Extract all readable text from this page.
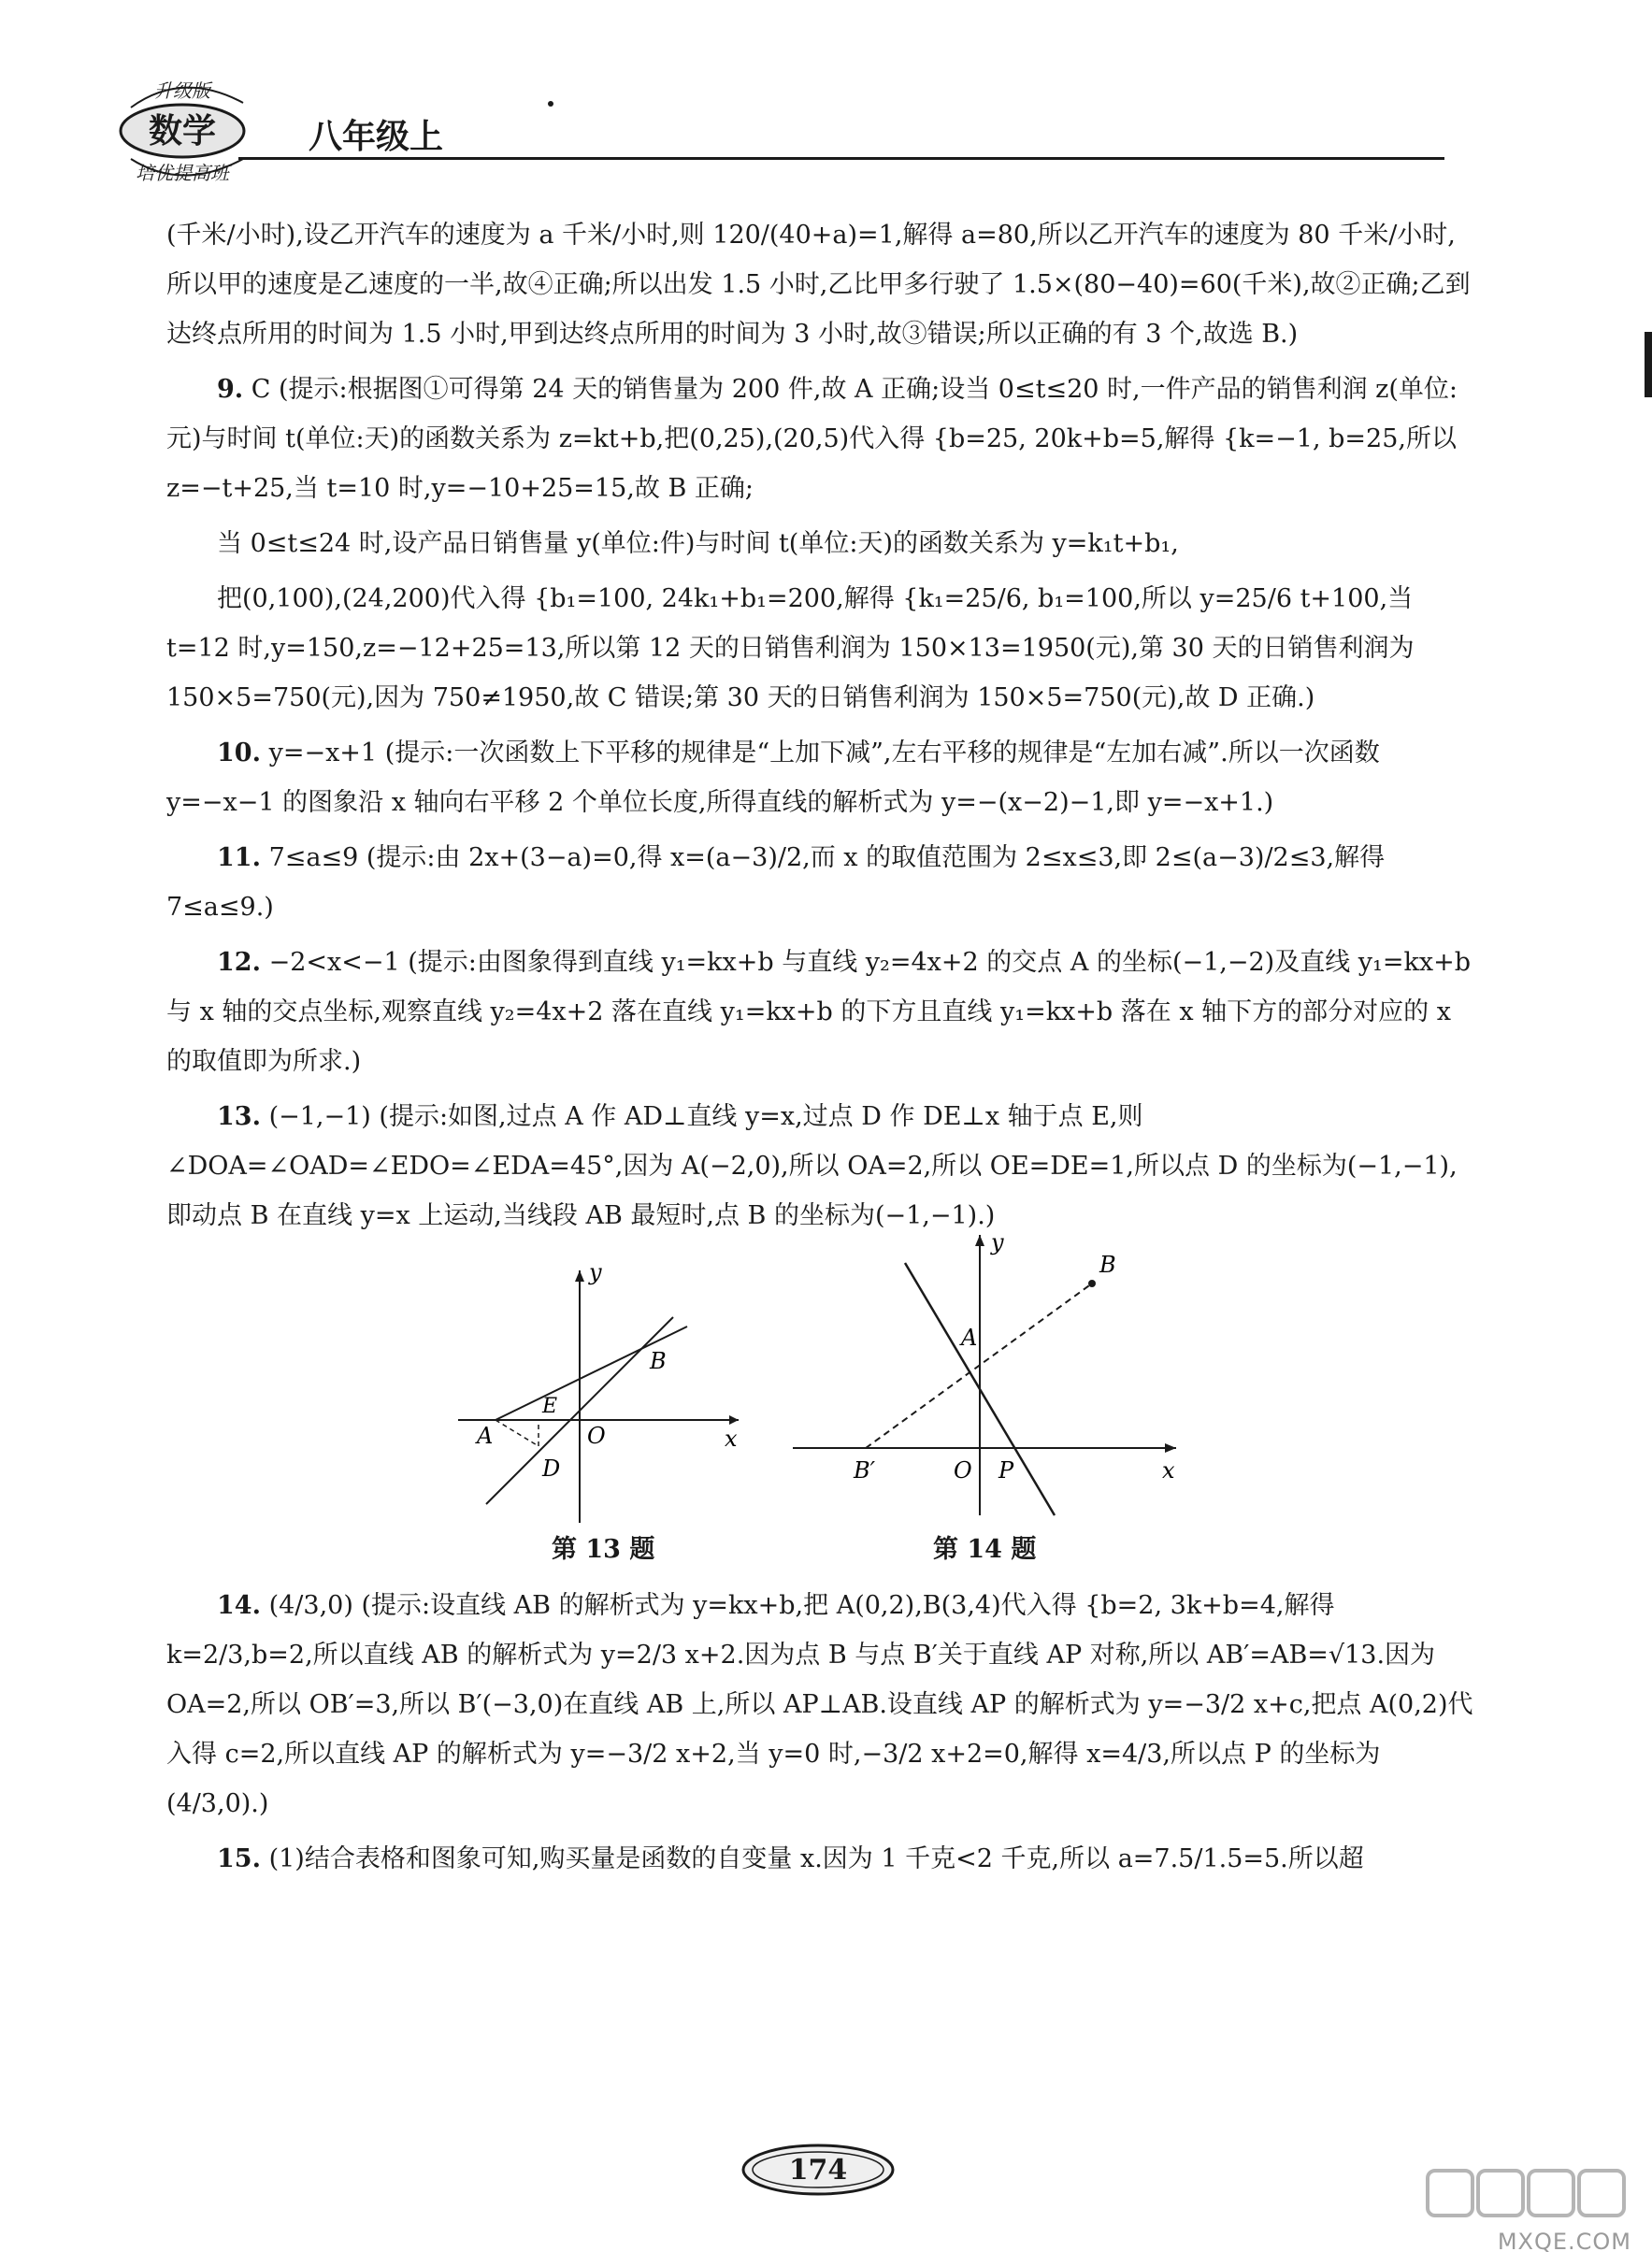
升级版
数学
培优提高班
八年级上

(千米/小时),设乙开汽车的速度为 a 千米/小时,则 120/(40+a)=1,解得 a=80,所以乙开汽车的速度为 80 千米/小时,所以甲的速度是乙速度的一半,故④正确;所以出发 1.5 小时,乙比甲多行驶了 1.5×(80−40)=60(千米),故②正确;乙到达终点所用的时间为 1.5 小时,甲到达终点所用的时间为 3 小时,故③错误;所以正确的有 3 个,故选 B.)

9. C (提示:根据图①可得第 24 天的销售量为 200 件,故 A 正确;设当 0≤t≤20 时,一件产品的销售利润 z(单位:元)与时间 t(单位:天)的函数关系为 z=kt+b,把(0,25),(20,5)代入得 {b=25, 20k+b=5,解得 {k=−1, b=25,所以 z=−t+25,当 t=10 时,y=−10+25=15,故 B 正确;

当 0≤t≤24 时,设产品日销售量 y(单位:件)与时间 t(单位:天)的函数关系为 y=k₁t+b₁,

把(0,100),(24,200)代入得 {b₁=100, 24k₁+b₁=200,解得 {k₁=25/6, b₁=100,所以 y=25/6 t+100,当 t=12 时,y=150,z=−12+25=13,所以第 12 天的日销售利润为 150×13=1950(元),第 30 天的日销售利润为 150×5=750(元),因为 750≠1950,故 C 错误;第 30 天的日销售利润为 150×5=750(元),故 D 正确.)

10. y=−x+1 (提示:一次函数上下平移的规律是“上加下减”,左右平移的规律是“左加右减”.所以一次函数 y=−x−1 的图象沿 x 轴向右平移 2 个单位长度,所得直线的解析式为 y=−(x−2)−1,即 y=−x+1.)

11. 7≤a≤9 (提示:由 2x+(3−a)=0,得 x=(a−3)/2,而 x 的取值范围为 2≤x≤3,即 2≤(a−3)/2≤3,解得 7≤a≤9.)

12. −2<x<−1 (提示:由图象得到直线 y₁=kx+b 与直线 y₂=4x+2 的交点 A 的坐标(−1,−2)及直线 y₁=kx+b 与 x 轴的交点坐标,观察直线 y₂=4x+2 落在直线 y₁=kx+b 的下方且直线 y₁=kx+b 落在 x 轴下方的部分对应的 x 的取值即为所求.)

13. (−1,−1) (提示:如图,过点 A 作 AD⊥直线 y=x,过点 D 作 DE⊥x 轴于点 E,则∠DOA=∠OAD=∠EDO=∠EDA=45°,因为 A(−2,0),所以 OA=2,所以 OE=DE=1,所以点 D 的坐标为(−1,−1),即动点 B 在直线 y=x 上运动,当线段 AB 最短时,点 B 的坐标为(−1,−1).)

y
x
A
B
E
D
O
y
x
A
B
B′	O P
第 13 题	第 14 题

14. (4/3,0) (提示:设直线 AB 的解析式为 y=kx+b,把 A(0,2),B(3,4)代入得 {b=2, 3k+b=4,解得 k=2/3,b=2,所以直线 AB 的解析式为 y=2/3 x+2.因为点 B 与点 B′关于直线 AP 对称,所以 AB′=AB=√13.因为 OA=2,所以 OB′=3,所以 B′(−3,0)在直线 AB 上,所以 AP⊥AB.设直线 AP 的解析式为 y=−3/2 x+c,把点 A(0,2)代入得 c=2,所以直线 AP 的解析式为 y=−3/2 x+2,当 y=0 时,−3/2 x+2=0,解得 x=4/3,所以点 P 的坐标为(4/3,0).)

15. (1)结合表格和图象可知,购买量是函数的自变量 x.因为 1 千克<2 千克,所以 a=7.5/1.5=5.所以超

174
MXQE.COM
